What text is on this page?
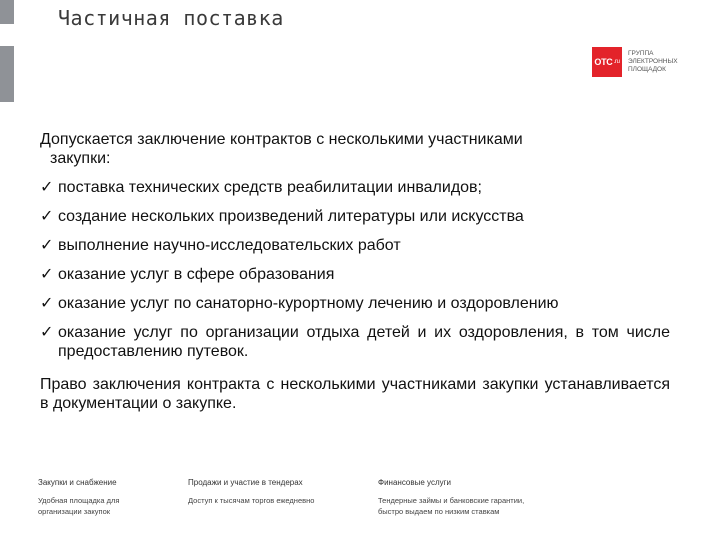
Частичная поставка
ОТС .ru
ГРУППА
ЭЛЕКТРОННЫХ
ПЛОЩАДОК

Допускается заключение контрактов с несколькими участниками
закупки:

✓ поставка технических средств реабилитации инвалидов;
✓ создание нескольких произведений литературы или искусства
✓ выполнение научно-исследовательских работ
✓ оказание услуг в сфере образования
✓ оказание услуг по санаторно-курортному лечению и оздоровлению
✓ оказание услуг по организации отдыха детей и их оздоровления, в том числе предоставлению путевок.

Право заключения контракта с несколькими участниками закупки устанавливается в документации о закупке.

Закупки и снабжение
Удобная площадка для
организации закупок
Продажи и участие в тендерах
Доступ к тысячам торгов ежедневно
Финансовые услуги
Тендерные займы и банковские гарантии,
быстро выдаем по низким ставкам
